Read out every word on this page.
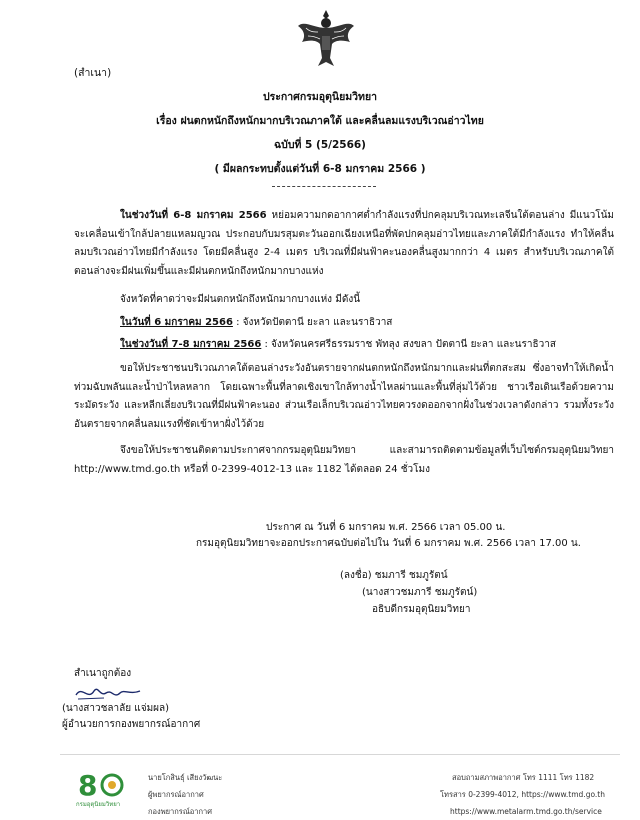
(สำเนา)
ประกาศกรมอุตุนิยมวิทยา
เรื่อง ฝนตกหนักถึงหนักมากบริเวณภาคใต้ และคลื่นลมแรงบริเวณอ่าวไทย
ฉบับที่ 5 (5/2566)
( มีผลกระทบตั้งแต่วันที่ 6-8 มกราคม 2566 )
ในช่วงวันที่ 6-8 มกราคม 2566 หย่อมความกดอากาศต่ำกำลังแรงที่ปกคลุมบริเวณทะเลจีนใต้ตอนล่าง มีแนวโน้มจะเคลื่อนเข้าใกล้ปลายแหลมญวณ ประกอบกับมรสุมตะวันออกเฉียงเหนือที่พัดปกคลุมอ่าวไทยและภาคใต้มีกำลังแรง ทำให้คลื่นลมบริเวณอ่าวไทยมีกำลังแรง โดยมีคลื่นสูง 2-4 เมตร บริเวณที่มีฝนฟ้าคะนองคลื่นสูงมากกว่า 4 เมตร สำหรับบริเวณภาคใต้ตอนล่างจะมีฝนเพิ่มขึ้นและมีฝนตกหนักถึงหนักมากบางแห่ง
จังหวัดที่คาดว่าจะมีฝนตกหนักถึงหนักมากบางแห่ง มีดังนี้
ในวันที่ 6 มกราคม 2566 : จังหวัดปัตตานี ยะลา และนราธิวาส
ในช่วงวันที่ 7-8 มกราคม 2566 : จังหวัดนครศรีธรรมราช พัทลุง สงขลา ปัตตานี ยะลา และนราธิวาส
ขอให้ประชาชนบริเวณภาคใต้ตอนล่างระวังอันตรายจากฝนตกหนักถึงหนักมากและฝนที่ตกสะสม ซึ่งอาจทำให้เกิดน้ำท่วมฉับพลันและน้ำป่าไหลหลาก โดยเฉพาะพื้นที่ลาดเชิงเขาใกล้ทางน้ำไหลผ่านและพื้นที่ลุ่มไว้ด้วย ชาวเรือเดินเรือด้วยความระมัดระวัง และหลีกเลี่ยงบริเวณที่มีฝนฟ้าคะนอง ส่วนเรือเล็กบริเวณอ่าวไทยควรงดออกจากฝั่งในช่วงเวลาดังกล่าว รวมทั้งระวังอันตรายจากคลื่นลมแรงที่ซัดเข้าหาฝั่งไว้ด้วย
จึงขอให้ประชาชนติดตามประกาศจากกรมอุตุนิยมวิทยา และสามารถติดตามข้อมูลที่เว็บไซต์กรมอุตุนิยมวิทยา http://www.tmd.go.th หรือที่ 0-2399-4012-13 และ 1182 ได้ตลอด 24 ชั่วโมง
ประกาศ ณ วันที่ 6 มกราคม พ.ศ. 2566 เวลา 05.00 น.
กรมอุตุนิยมวิทยาจะออกประกาศฉบับต่อไปใน วันที่ 6 มกราคม พ.ศ. 2566 เวลา 17.00 น.
(ลงชื่อ) ชมภารี ชมภูรัตน์
(นางสาวชมภารี ชมภูรัตน์)
อธิบดีกรมอุตุนิยมวิทยา
สำเนาถูกต้อง
(นางสาวชลาลัย แจ่มผล)
ผู้อำนวยการกองพยากรณ์อากาศ
8
กรมอุตุนิยมวิทยา
นายโกสินธุ์ เสียงวัฒนะ
ผู้พยากรณ์อากาศ
กองพยากรณ์อากาศ
สอบถามสภาพอากาศ โทร 1111 โทร 1182
โทรสาร 0-2399-4012, https://www.tmd.go.th
https://www.metalarm.tmd.go.th/service
